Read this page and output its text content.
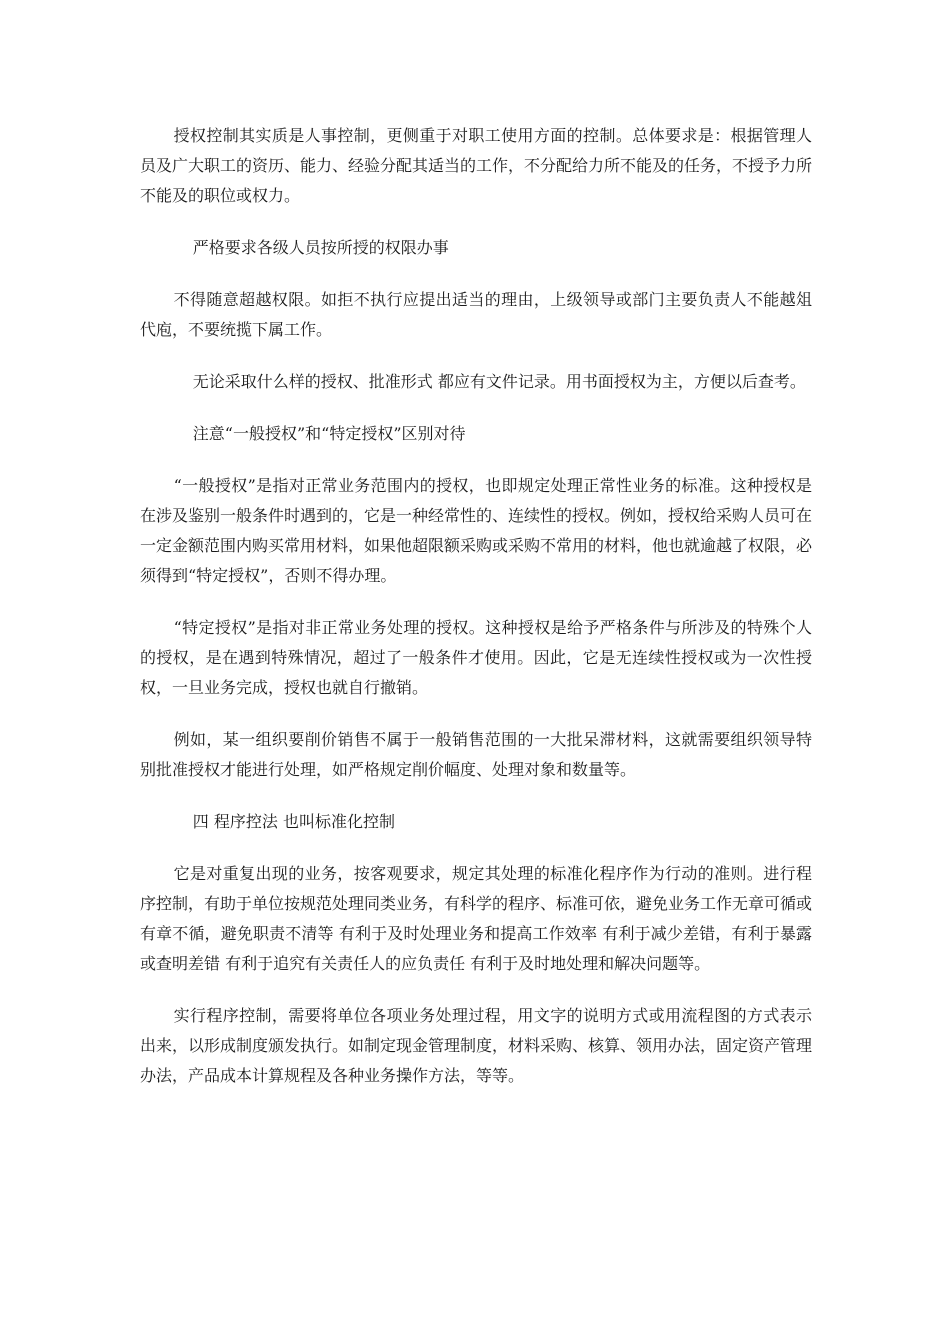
授权控制其实质是人事控制，更侧重于对职工使用方面的控制。总体要求是：根据管理人员及广大职工的资历、能力、经验分配其适当的工作，不分配给力所不能及的任务，不授予力所不能及的职位或权力。

严格要求各级人员按所授的权限办事

不得随意超越权限。如拒不执行应提出适当的理由，上级领导或部门主要负责人不能越俎代庖，不要统揽下属工作。

无论采取什么样的授权、批准形式 都应有文件记录。用书面授权为主，方便以后查考。

注意“一般授权”和“特定授权”区别对待

“一般授权”是指对正常业务范围内的授权，也即规定处理正常性业务的标准。这种授权是在涉及鉴别一般条件时遇到的，它是一种经常性的、连续性的授权。例如，授权给采购人员可在一定金额范围内购买常用材料，如果他超限额采购或采购不常用的材料，他也就逾越了权限，必须得到“特定授权”，否则不得办理。

“特定授权”是指对非正常业务处理的授权。这种授权是给予严格条件与所涉及的特殊个人的授权，是在遇到特殊情况，超过了一般条件才使用。因此，它是无连续性授权或为一次性授权，一旦业务完成，授权也就自行撤销。

例如，某一组织要削价销售不属于一般销售范围的一大批呆滞材料，这就需要组织领导特别批准授权才能进行处理，如严格规定削价幅度、处理对象和数量等。

四 程序控法 也叫标准化控制

它是对重复出现的业务，按客观要求，规定其处理的标准化程序作为行动的准则。进行程序控制，有助于单位按规范处理同类业务，有科学的程序、标准可依，避免业务工作无章可循或有章不循，避免职责不清等 有利于及时处理业务和提高工作效率 有利于减少差错，有利于暴露或查明差错 有利于追究有关责任人的应负责任 有利于及时地处理和解决问题等。

实行程序控制，需要将单位各项业务处理过程，用文字的说明方式或用流程图的方式表示出来，以形成制度颁发执行。如制定现金管理制度，材料采购、核算、领用办法，固定资产管理办法，产品成本计算规程及各种业务操作方法，等等。
